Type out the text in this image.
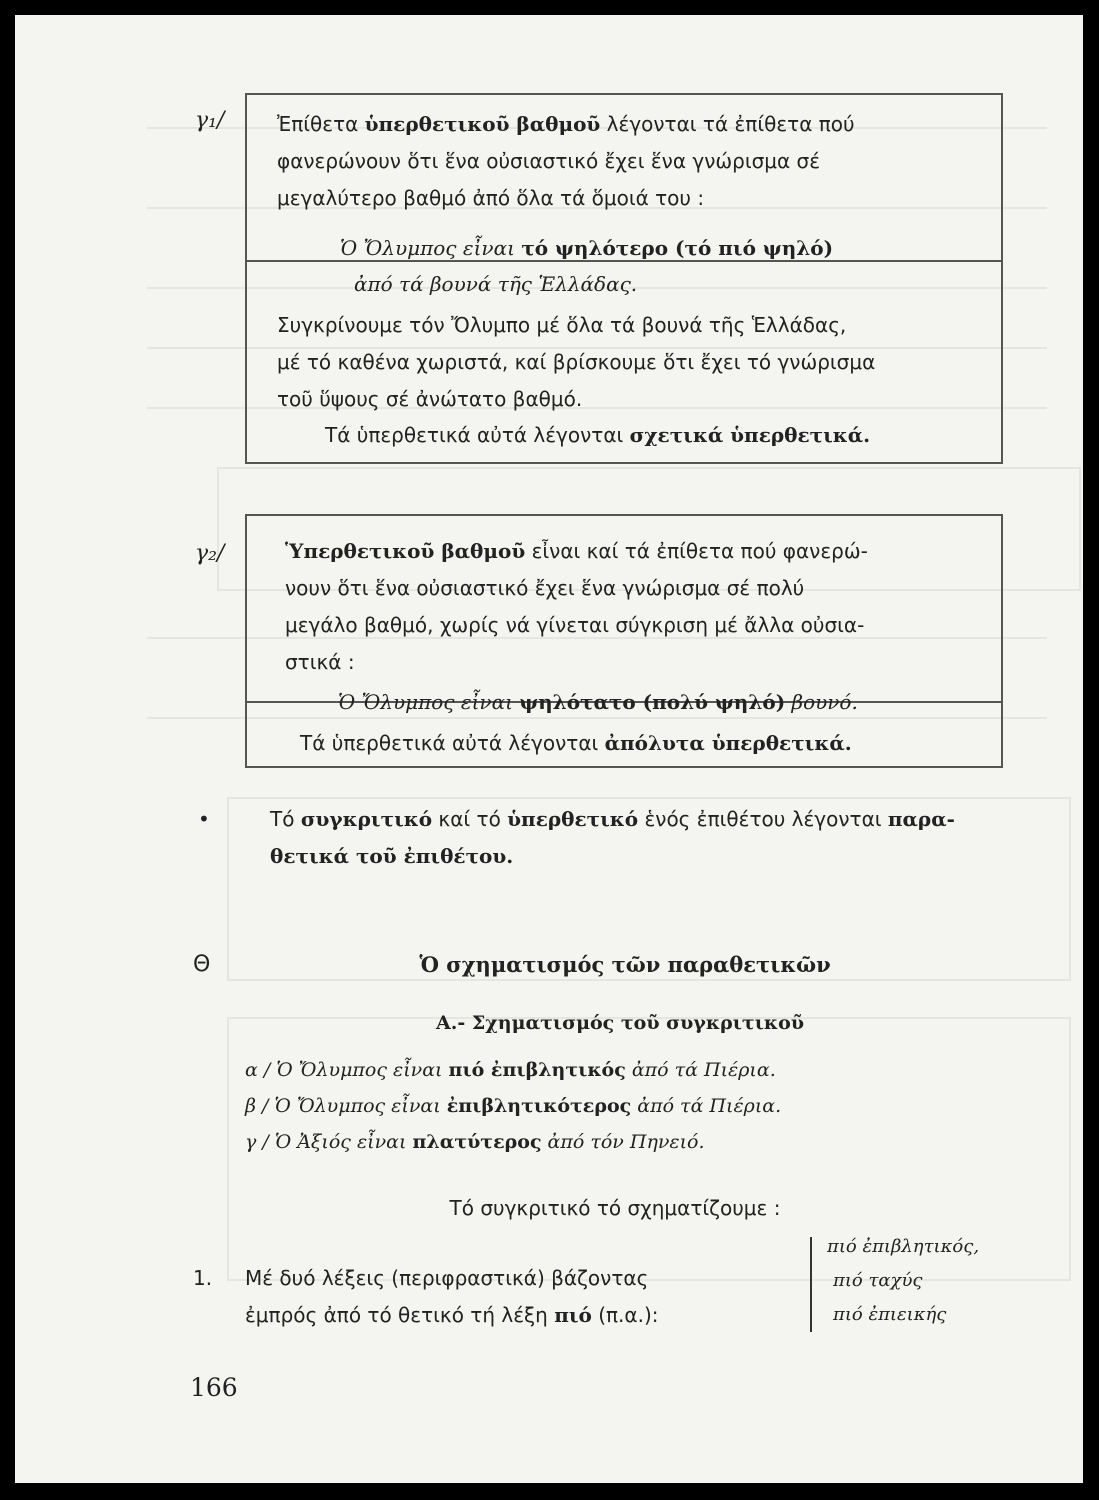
γ₁/	Ἐπίθετα ὑπερθετικοῦ βαθμοῦ λέγονται τά ἐπίθετα πού
φανερώνουν ὅτι ἕνα οὐσιαστικό ἔχει ἕνα γνώρισμα σέ
μεγαλύτερο βαθμό ἀπό ὅλα τά ὅμοιά του :
Ὁ Ὄλυμπος εἶναι τό ψηλότερο (τό πιό ψηλό)
ἀπό τά βουνά τῆς Ἑλλάδας.
Συγκρίνουμε τόν Ὄλυμπο μέ ὅλα τά βουνά τῆς Ἑλλάδας,
μέ τό καθένα χωριστά, καί βρίσκουμε ὅτι ἔχει τό γνώρισμα
τοῦ ὕψους σέ ἀνώτατο βαθμό.
Τά ὑπερθετικά αὐτά λέγονται σχετικά ὑπερθετικά.
γ₂/	Ὑπερθετικοῦ βαθμοῦ εἶναι καί τά ἐπίθετα πού φανερώ-
νουν ὅτι ἕνα οὐσιαστικό ἔχει ἕνα γνώρισμα σέ πολύ
μεγάλο βαθμό, χωρίς νά γίνεται σύγκριση μέ ἄλλα οὐσια-
στικά :
Ὁ Ὄλυμπος εἶναι ψηλότατο (πολύ ψηλό) βουνό.
Τά ὑπερθετικά αὐτά λέγονται ἀπόλυτα ὑπερθετικά.
•	Τό συγκριτικό καί τό ὑπερθετικό ἑνός ἐπιθέτου λέγονται παρα-
θετικά τοῦ ἐπιθέτου.
Θ	Ὁ σχηματισμός τῶν παραθετικῶν
Α.- Σχηματισμός τοῦ συγκριτικοῦ
α / Ὁ Ὄλυμπος εἶναι πιό ἐπιβλητικός ἀπό τά Πιέρια.
β / Ὁ Ὄλυμπος εἶναι ἐπιβλητικότερος ἀπό τά Πιέρια.
γ / Ὁ Ἀξιός εἶναι πλατύτερος ἀπό τόν Πηνειό.
Τό συγκριτικό τό σχηματίζουμε :
1. Μέ δυό λέξεις (περιφραστικά) βάζοντας
ἐμπρός ἀπό τό θετικό τή λέξη πιό (π.α.):
πιό ἐπιβλητικός,
πιό ταχύς
πιό ἐπιεικής
166
